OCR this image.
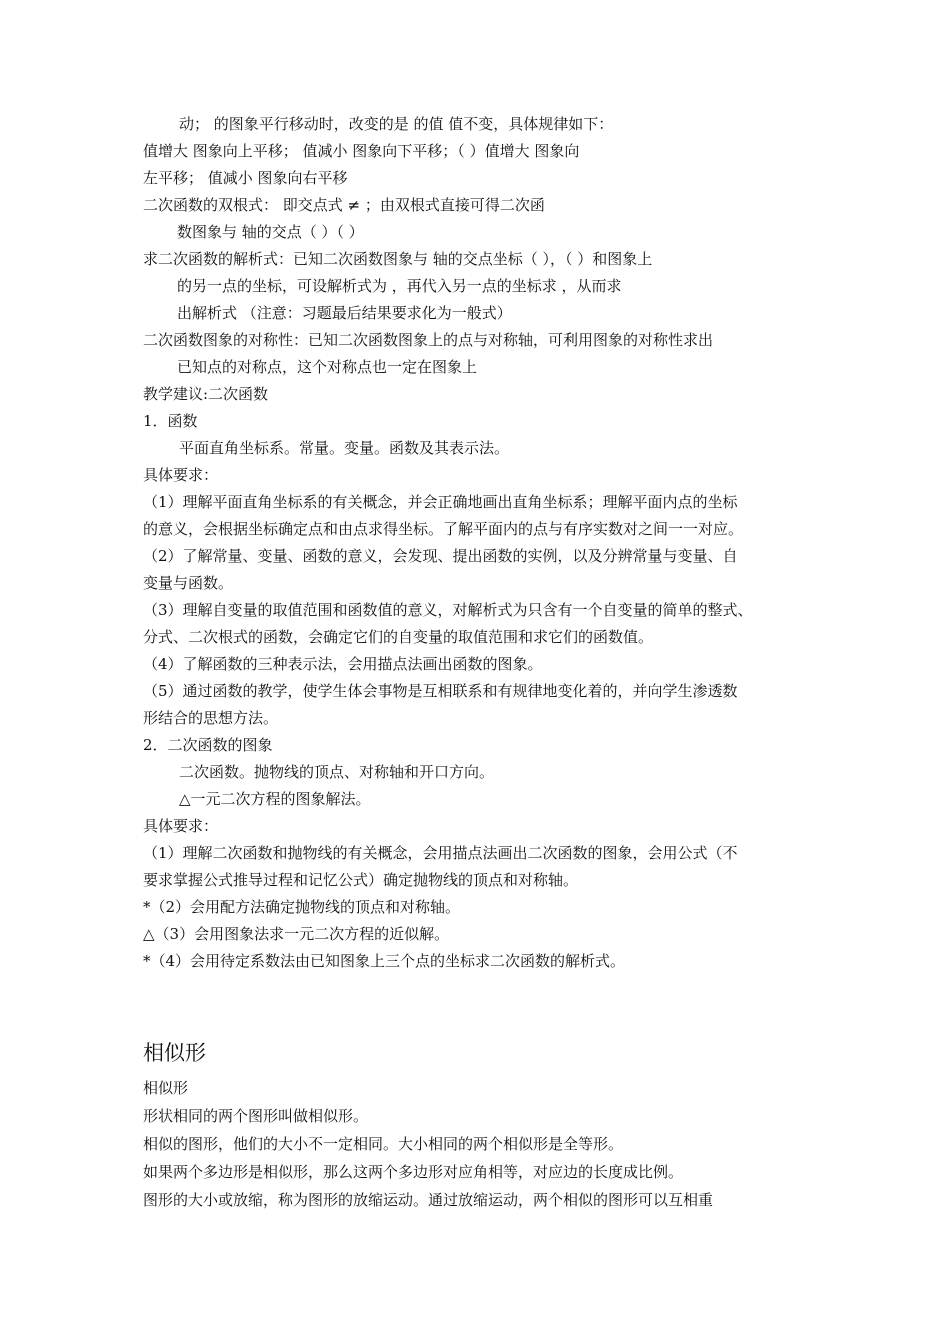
动； 的图象平行移动时，改变的是 的值 值不变，具体规律如下：

值增大 图象向上平移； 值减小 图象向下平移；（ ）值增大 图象向

左平移； 值减小 图象向右平移

二次函数的双根式： 即交点式 ≠ ；由双根式直接可得二次函

数图象与 轴的交点（ ）（ ）

求二次函数的解析式：已知二次函数图象与 轴的交点坐标（ ），（ ）和图象上

的另一点的坐标，可设解析式为 ，再代入另一点的坐标求 ，从而求

出解析式 （注意：习题最后结果要求化为一般式）

二次函数图象的对称性：已知二次函数图象上的点与对称轴，可利用图象的对称性求出

已知点的对称点，这个对称点也一定在图象上

教学建议:二次函数

1．函数

平面直角坐标系。常量。变量。函数及其表示法。

具体要求：

（1）理解平面直角坐标系的有关概念，并会正确地画出直角坐标系；理解平面内点的坐标

的意义，会根据坐标确定点和由点求得坐标。了解平面内的点与有序实数对之间一一对应。

（2）了解常量、变量、函数的意义，会发现、提出函数的实例，以及分辨常量与变量、自

变量与函数。

（3）理解自变量的取值范围和函数值的意义，对解析式为只含有一个自变量的简单的整式、

分式、二次根式的函数，会确定它们的自变量的取值范围和求它们的函数值。

（4）了解函数的三种表示法，会用描点法画出函数的图象。

（5）通过函数的教学，使学生体会事物是互相联系和有规律地变化着的，并向学生渗透数

形结合的思想方法。

2．二次函数的图象

二次函数。抛物线的顶点、对称轴和开口方向。

△一元二次方程的图象解法。

具体要求：

（1）理解二次函数和抛物线的有关概念，会用描点法画出二次函数的图象，会用公式（不

要求掌握公式推导过程和记忆公式）确定抛物线的顶点和对称轴。

*（2）会用配方法确定抛物线的顶点和对称轴。

△（3）会用图象法求一元二次方程的近似解。

*（4）会用待定系数法由已知图象上三个点的坐标求二次函数的解析式。

相似形

相似形

形状相同的两个图形叫做相似形。

相似的图形，他们的大小不一定相同。大小相同的两个相似形是全等形。

如果两个多边形是相似形，那么这两个多边形对应角相等，对应边的长度成比例。

图形的大小或放缩，称为图形的放缩运动。通过放缩运动，两个相似的图形可以互相重
